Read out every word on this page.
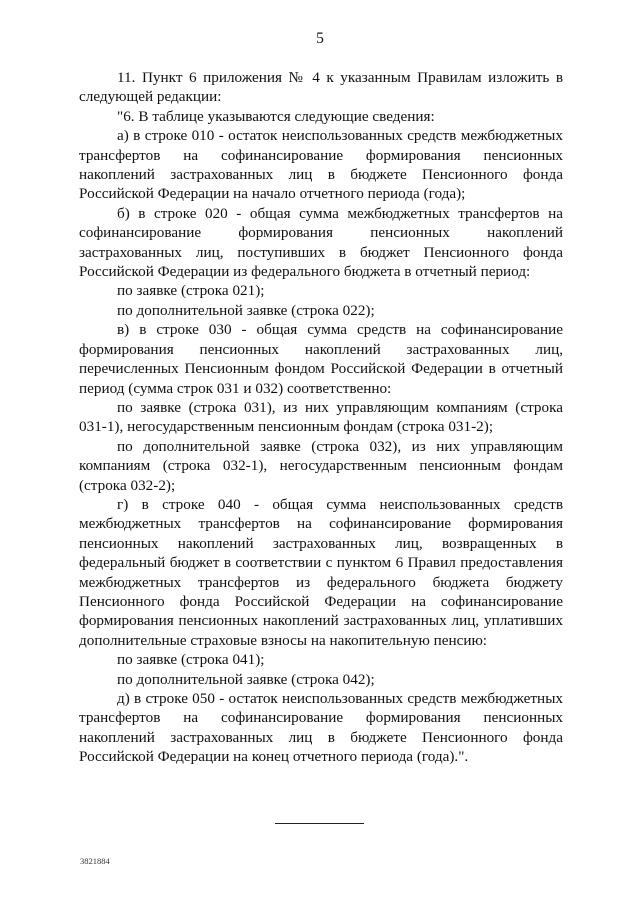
5

11. Пункт 6 приложения № 4 к указанным Правилам изложить в следующей редакции:

"6. В таблице указываются следующие сведения:

а) в строке 010 - остаток неиспользованных средств межбюджетных трансфертов на софинансирование формирования пенсионных накоплений застрахованных лиц в бюджете Пенсионного фонда Российской Федерации на начало отчетного периода (года);

б) в строке 020 - общая сумма межбюджетных трансфертов на софинансирование формирования пенсионных накоплений застрахованных лиц, поступивших в бюджет Пенсионного фонда Российской Федерации из федерального бюджета в отчетный период:

по заявке (строка 021);

по дополнительной заявке (строка 022);

в) в строке 030 - общая сумма средств на софинансирование формирования пенсионных накоплений застрахованных лиц, перечисленных Пенсионным фондом Российской Федерации в отчетный период (сумма строк 031 и 032) соответственно:

по заявке (строка 031), из них управляющим компаниям (строка 031-1), негосударственным пенсионным фондам (строка 031-2);

по дополнительной заявке (строка 032), из них управляющим компаниям (строка 032-1), негосударственным пенсионным фондам (строка 032-2);

г) в строке 040 - общая сумма неиспользованных средств межбюджетных трансфертов на софинансирование формирования пенсионных накоплений застрахованных лиц, возвращенных в федеральный бюджет в соответствии с пунктом 6 Правил предоставления межбюджетных трансфертов из федерального бюджета бюджету Пенсионного фонда Российской Федерации на софинансирование формирования пенсионных накоплений застрахованных лиц, уплативших дополнительные страховые взносы на накопительную пенсию:

по заявке (строка 041);

по дополнительной заявке (строка 042);

д) в строке 050 - остаток неиспользованных средств межбюджетных трансфертов на софинансирование формирования пенсионных накоплений застрахованных лиц в бюджете Пенсионного фонда Российской Федерации на конец отчетного периода (года).".

3821884
